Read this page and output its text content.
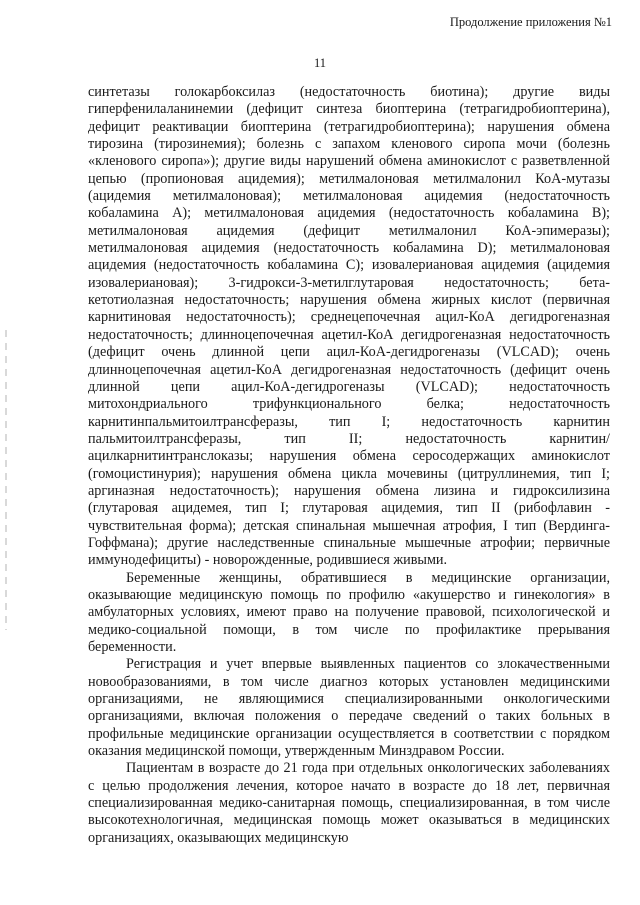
Продолжение приложения №1
11

синтетазы голокарбоксилаз (недостаточность биотина); другие виды гиперфенилаланинемии (дефицит синтеза биоптерина (тетрагидробиоптерина), дефицит реактивации биоптерина (тетрагидробиоптерина); нарушения обмена тирозина (тирозинемия); болезнь с запахом кленового сиропа мочи (болезнь «кленового сиропа»); другие виды нарушений обмена аминокислот с разветвленной цепью (пропионовая ацидемия); метилмалоновая метилмалонил КоА-мутазы (ацидемия метилмалоновая); метилмалоновая ацидемия (недостаточность кобаламина А); метилмалоновая ацидемия (недостаточность кобаламина В); метилмалоновая ацидемия (дефицит метилмалонил КоА-эпимеразы); метилмалоновая ацидемия (недостаточность кобаламина D); метилмалоновая ацидемия (недостаточность кобаламина С); изовалериановая ацидемия (ацидемия изовалериановая); 3-гидрокси-3-метилглутаровая недостаточность; бета-кетотиолазная недостаточность; нарушения обмена жирных кислот (первичная карнитиновая недостаточность); среднецепочечная ацил-КоА дегидрогеназная недостаточность; длинноцепочечная ацетил-КоА дегидрогеназная недостаточность (дефицит очень длинной цепи ацил-КоА-дегидрогеназы (VLCAD); очень длинноцепочечная ацетил-КоА дегидрогеназная недостаточность (дефицит очень длинной цепи ацил-КоА-дегидрогеназы (VLCAD); недостаточность митохондриального трифункционального белка; недостаточность карнитинпальмитоилтрансферазы, тип I; недостаточность карнитин пальмитоилтрансферазы, тип II; недостаточность карнитин/ацилкарнитинтранслоказы; нарушения обмена серосодержащих аминокислот (гомоцистинурия); нарушения обмена цикла мочевины (цитруллинемия, тип I; аргиназная недостаточность); нарушения обмена лизина и гидроксилизина (глутаровая ацидемея, тип I; глутаровая ацидемия, тип II (рибофлавин - чувствительная форма); детская спинальная мышечная атрофия, I тип (Вердинга-Гоффмана); другие наследственные спинальные мышечные атрофии; первичные иммунодефициты) - новорожденные, родившиеся живыми.

Беременные женщины, обратившиеся в медицинские организации, оказывающие медицинскую помощь по профилю «акушерство и гинекология» в амбулаторных условиях, имеют право на получение правовой, психологической и медико-социальной помощи, в том числе по профилактике прерывания беременности.

Регистрация и учет впервые выявленных пациентов со злокачественными новообразованиями, в том числе диагноз которых установлен медицинскими организациями, не являющимися специализированными онкологическими организациями, включая положения о передаче сведений о таких больных в профильные медицинские организации осуществляется в соответствии с порядком оказания медицинской помощи, утвержденным Минздравом России.

Пациентам в возрасте до 21 года при отдельных онкологических заболеваниях с целью продолжения лечения, которое начато в возрасте до 18 лет, первичная специализированная медико-санитарная помощь, специализированная, в том числе высокотехнологичная, медицинская помощь может оказываться в медицинских организациях, оказывающих медицинскую
